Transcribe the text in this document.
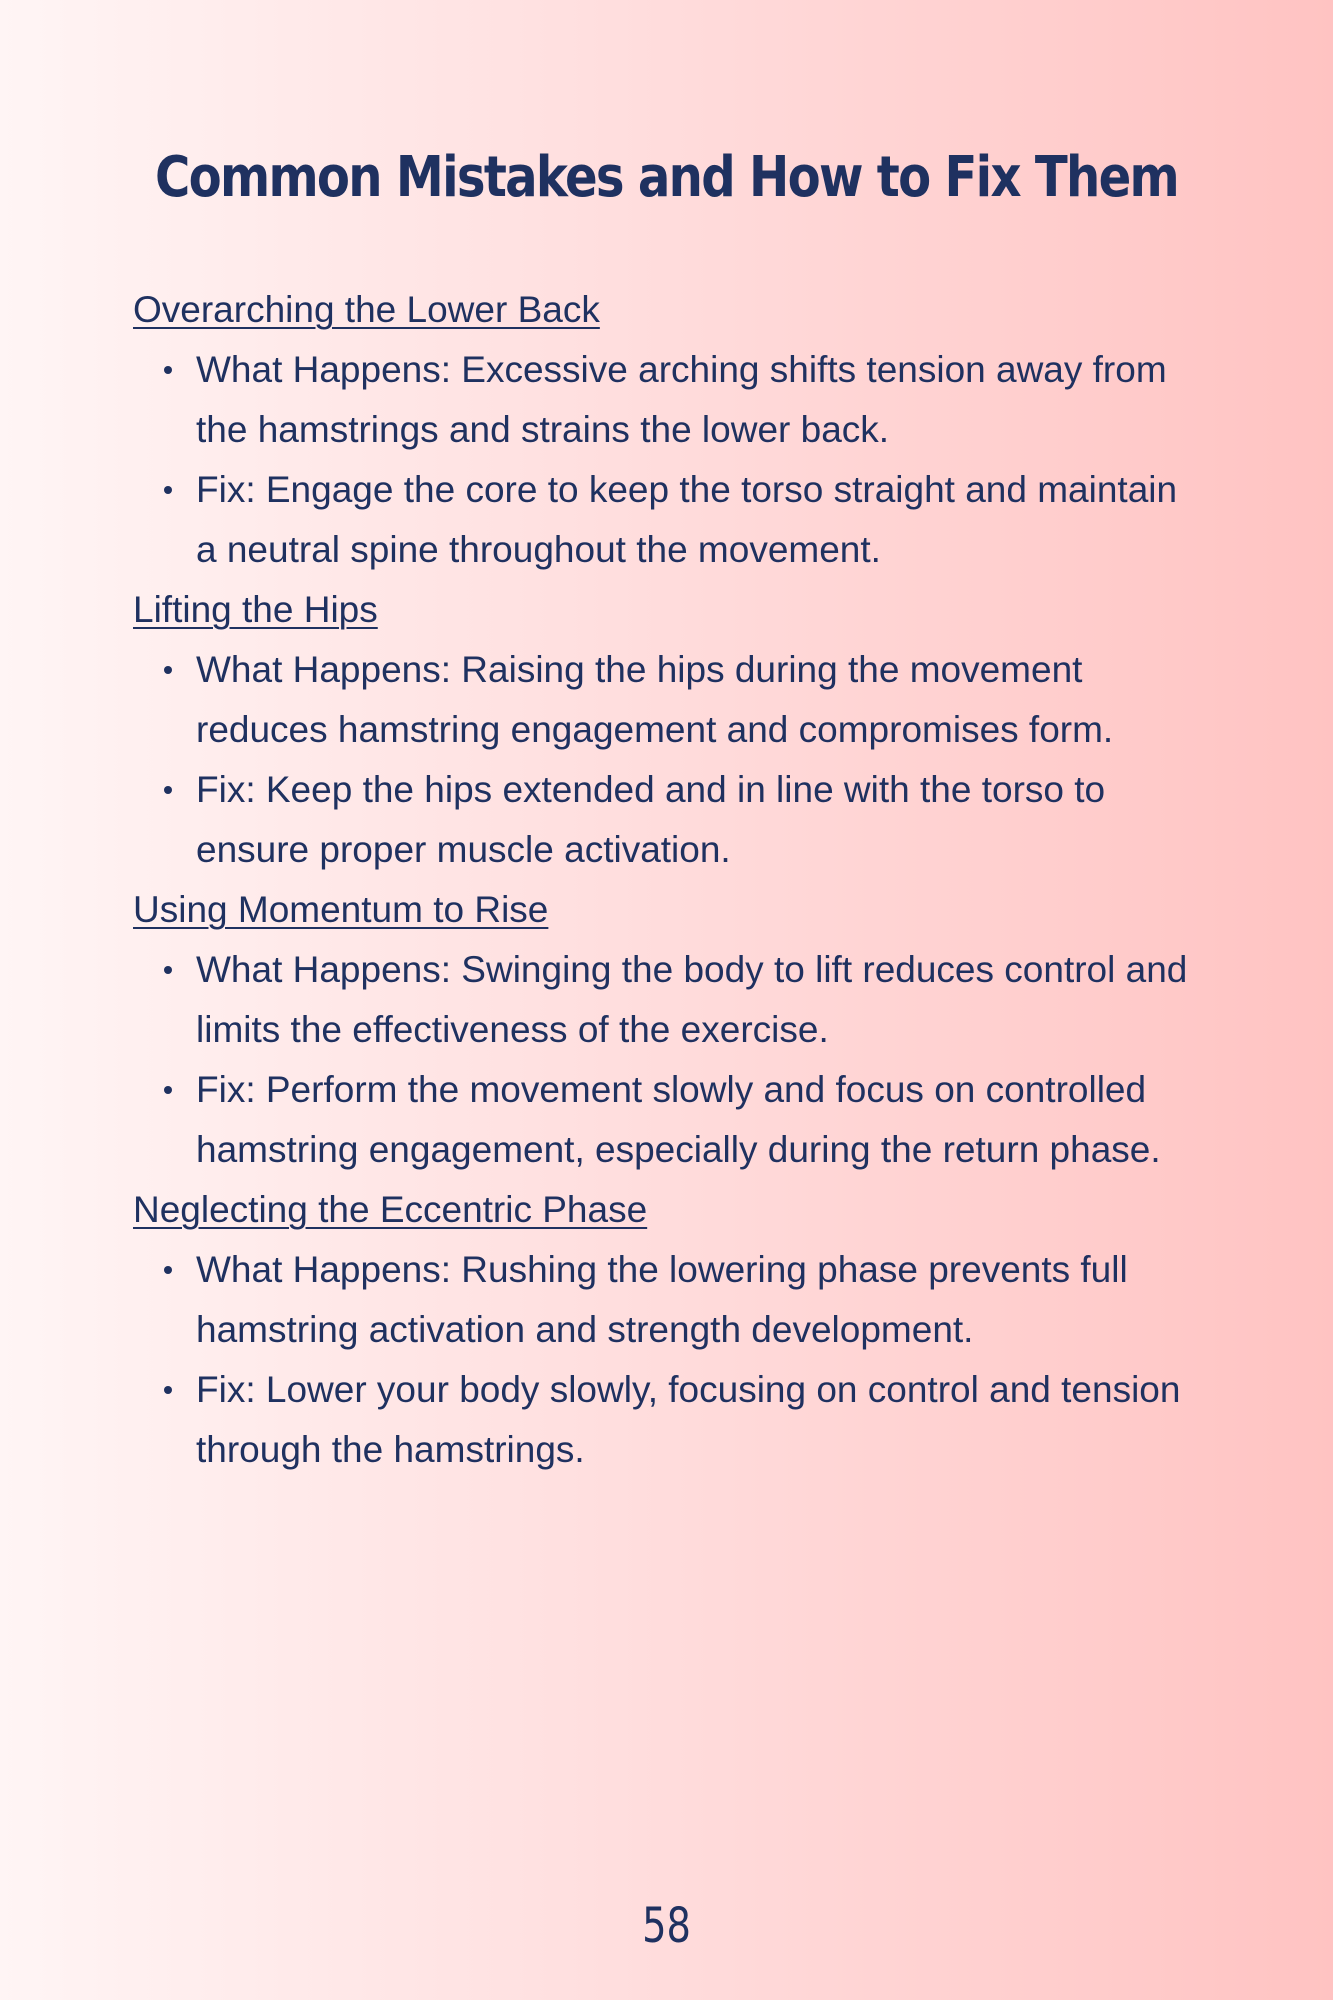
Common Mistakes and How to Fix Them
Overarching the Lower Back
What Happens: Excessive arching shifts tension away from the hamstrings and strains the lower back.
Fix: Engage the core to keep the torso straight and maintain a neutral spine throughout the movement.
Lifting the Hips
What Happens: Raising the hips during the movement reduces hamstring engagement and compromises form.
Fix: Keep the hips extended and in line with the torso to ensure proper muscle activation.
Using Momentum to Rise
What Happens: Swinging the body to lift reduces control and limits the effectiveness of the exercise.
Fix: Perform the movement slowly and focus on controlled hamstring engagement, especially during the return phase.
Neglecting the Eccentric Phase
What Happens: Rushing the lowering phase prevents full hamstring activation and strength development.
Fix: Lower your body slowly, focusing on control and tension through the hamstrings.
58
